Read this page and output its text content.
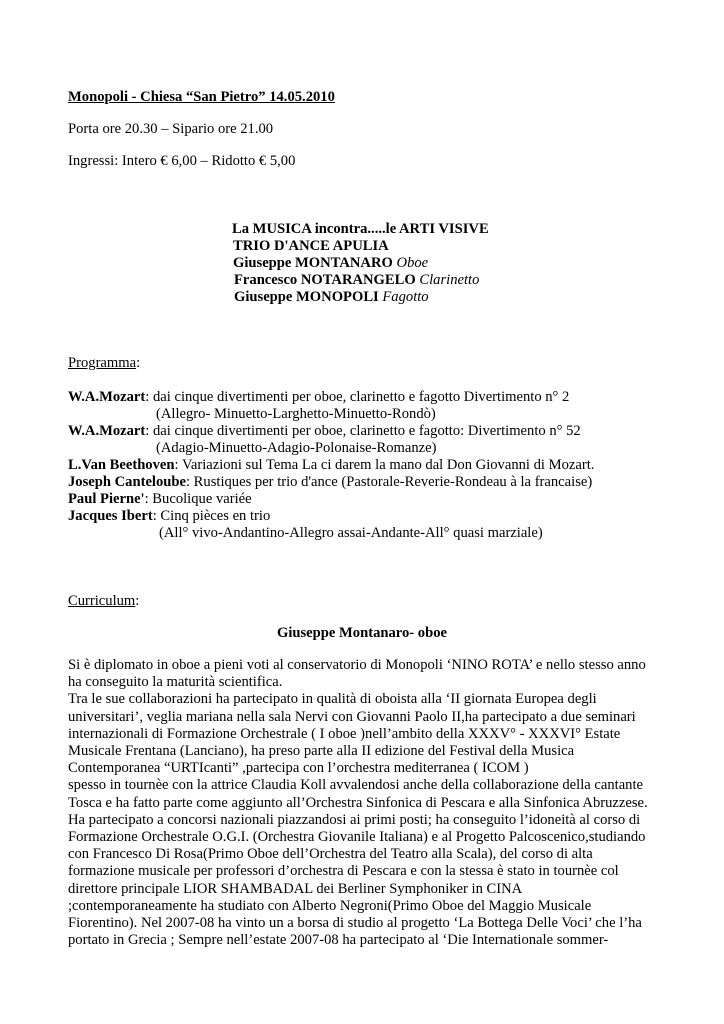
Monopoli - Chiesa “San Pietro” 14.05.2010
Porta ore 20.30 – Sipario ore 21.00
Ingressi: Intero € 6,00 – Ridotto € 5,00
La MUSICA incontra.....le ARTI VISIVE
TRIO D'ANCE APULIA
Giuseppe MONTANARO Oboe
Francesco NOTARANGELO Clarinetto
Giuseppe MONOPOLI Fagotto
Programma:
W.A.Mozart: dai cinque divertimenti per oboe, clarinetto e fagotto Divertimento n° 2
(Allegro- Minuetto-Larghetto-Minuetto-Rondò)
W.A.Mozart: dai cinque divertimenti per oboe, clarinetto e fagotto: Divertimento n° 52
(Adagio-Minuetto-Adagio-Polonaise-Romanze)
L.Van Beethoven: Variazioni sul Tema La ci darem la mano dal Don Giovanni di Mozart.
Joseph Canteloube: Rustiques per trio d'ance (Pastorale-Reverie-Rondeau à la francaise)
Paul Pierne': Bucolique variée
Jacques Ibert: Cinq pièces en trio
(All° vivo-Andantino-Allegro assai-Andante-All° quasi marziale)
Curriculum:
Giuseppe Montanaro- oboe
Si è diplomato in oboe a pieni voti al conservatorio di Monopoli ‘NINO ROTA’ e nello stesso anno
ha conseguito la maturità scientifica.
Tra le sue collaborazioni ha partecipato in qualità di oboista alla ‘II giornata Europea degli
universitari’, veglia mariana nella sala Nervi con Giovanni Paolo II,ha partecipato a due seminari
internazionali di Formazione Orchestrale ( I oboe )nell’ambito della XXXV° - XXXVI° Estate
Musicale Frentana (Lanciano), ha preso parte alla II edizione del Festival della Musica
Contemporanea “URTIcanti” ,partecipa con l’orchestra mediterranea ( ICOM )
spesso in tournèe con la attrice Claudia Koll avvalendosi anche della collaborazione della cantante
Tosca e ha fatto parte come aggiunto all’Orchestra Sinfonica di Pescara e alla Sinfonica Abruzzese.
Ha partecipato a concorsi nazionali piazzandosi ai primi posti; ha conseguito l’idoneità al corso di
Formazione Orchestrale O.G.I. (Orchestra Giovanile Italiana) e al Progetto Palcoscenico,studiando
con Francesco Di Rosa(Primo Oboe dell’Orchestra del Teatro alla Scala), del corso di alta
formazione musicale per professori d’orchestra di Pescara e con la stessa è stato in tournèe col
direttore principale LIOR SHAMBADAL dei Berliner Symphoniker in CINA
;contemporaneamente ha studiato con Alberto Negroni(Primo Oboe del Maggio Musicale
Fiorentino). Nel 2007-08 ha vinto un a borsa di studio al progetto ‘La Bottega Delle Voci’ che l’ha
portato in Grecia ; Sempre nell’estate 2007-08 ha partecipato al ‘Die Internationale sommer-
